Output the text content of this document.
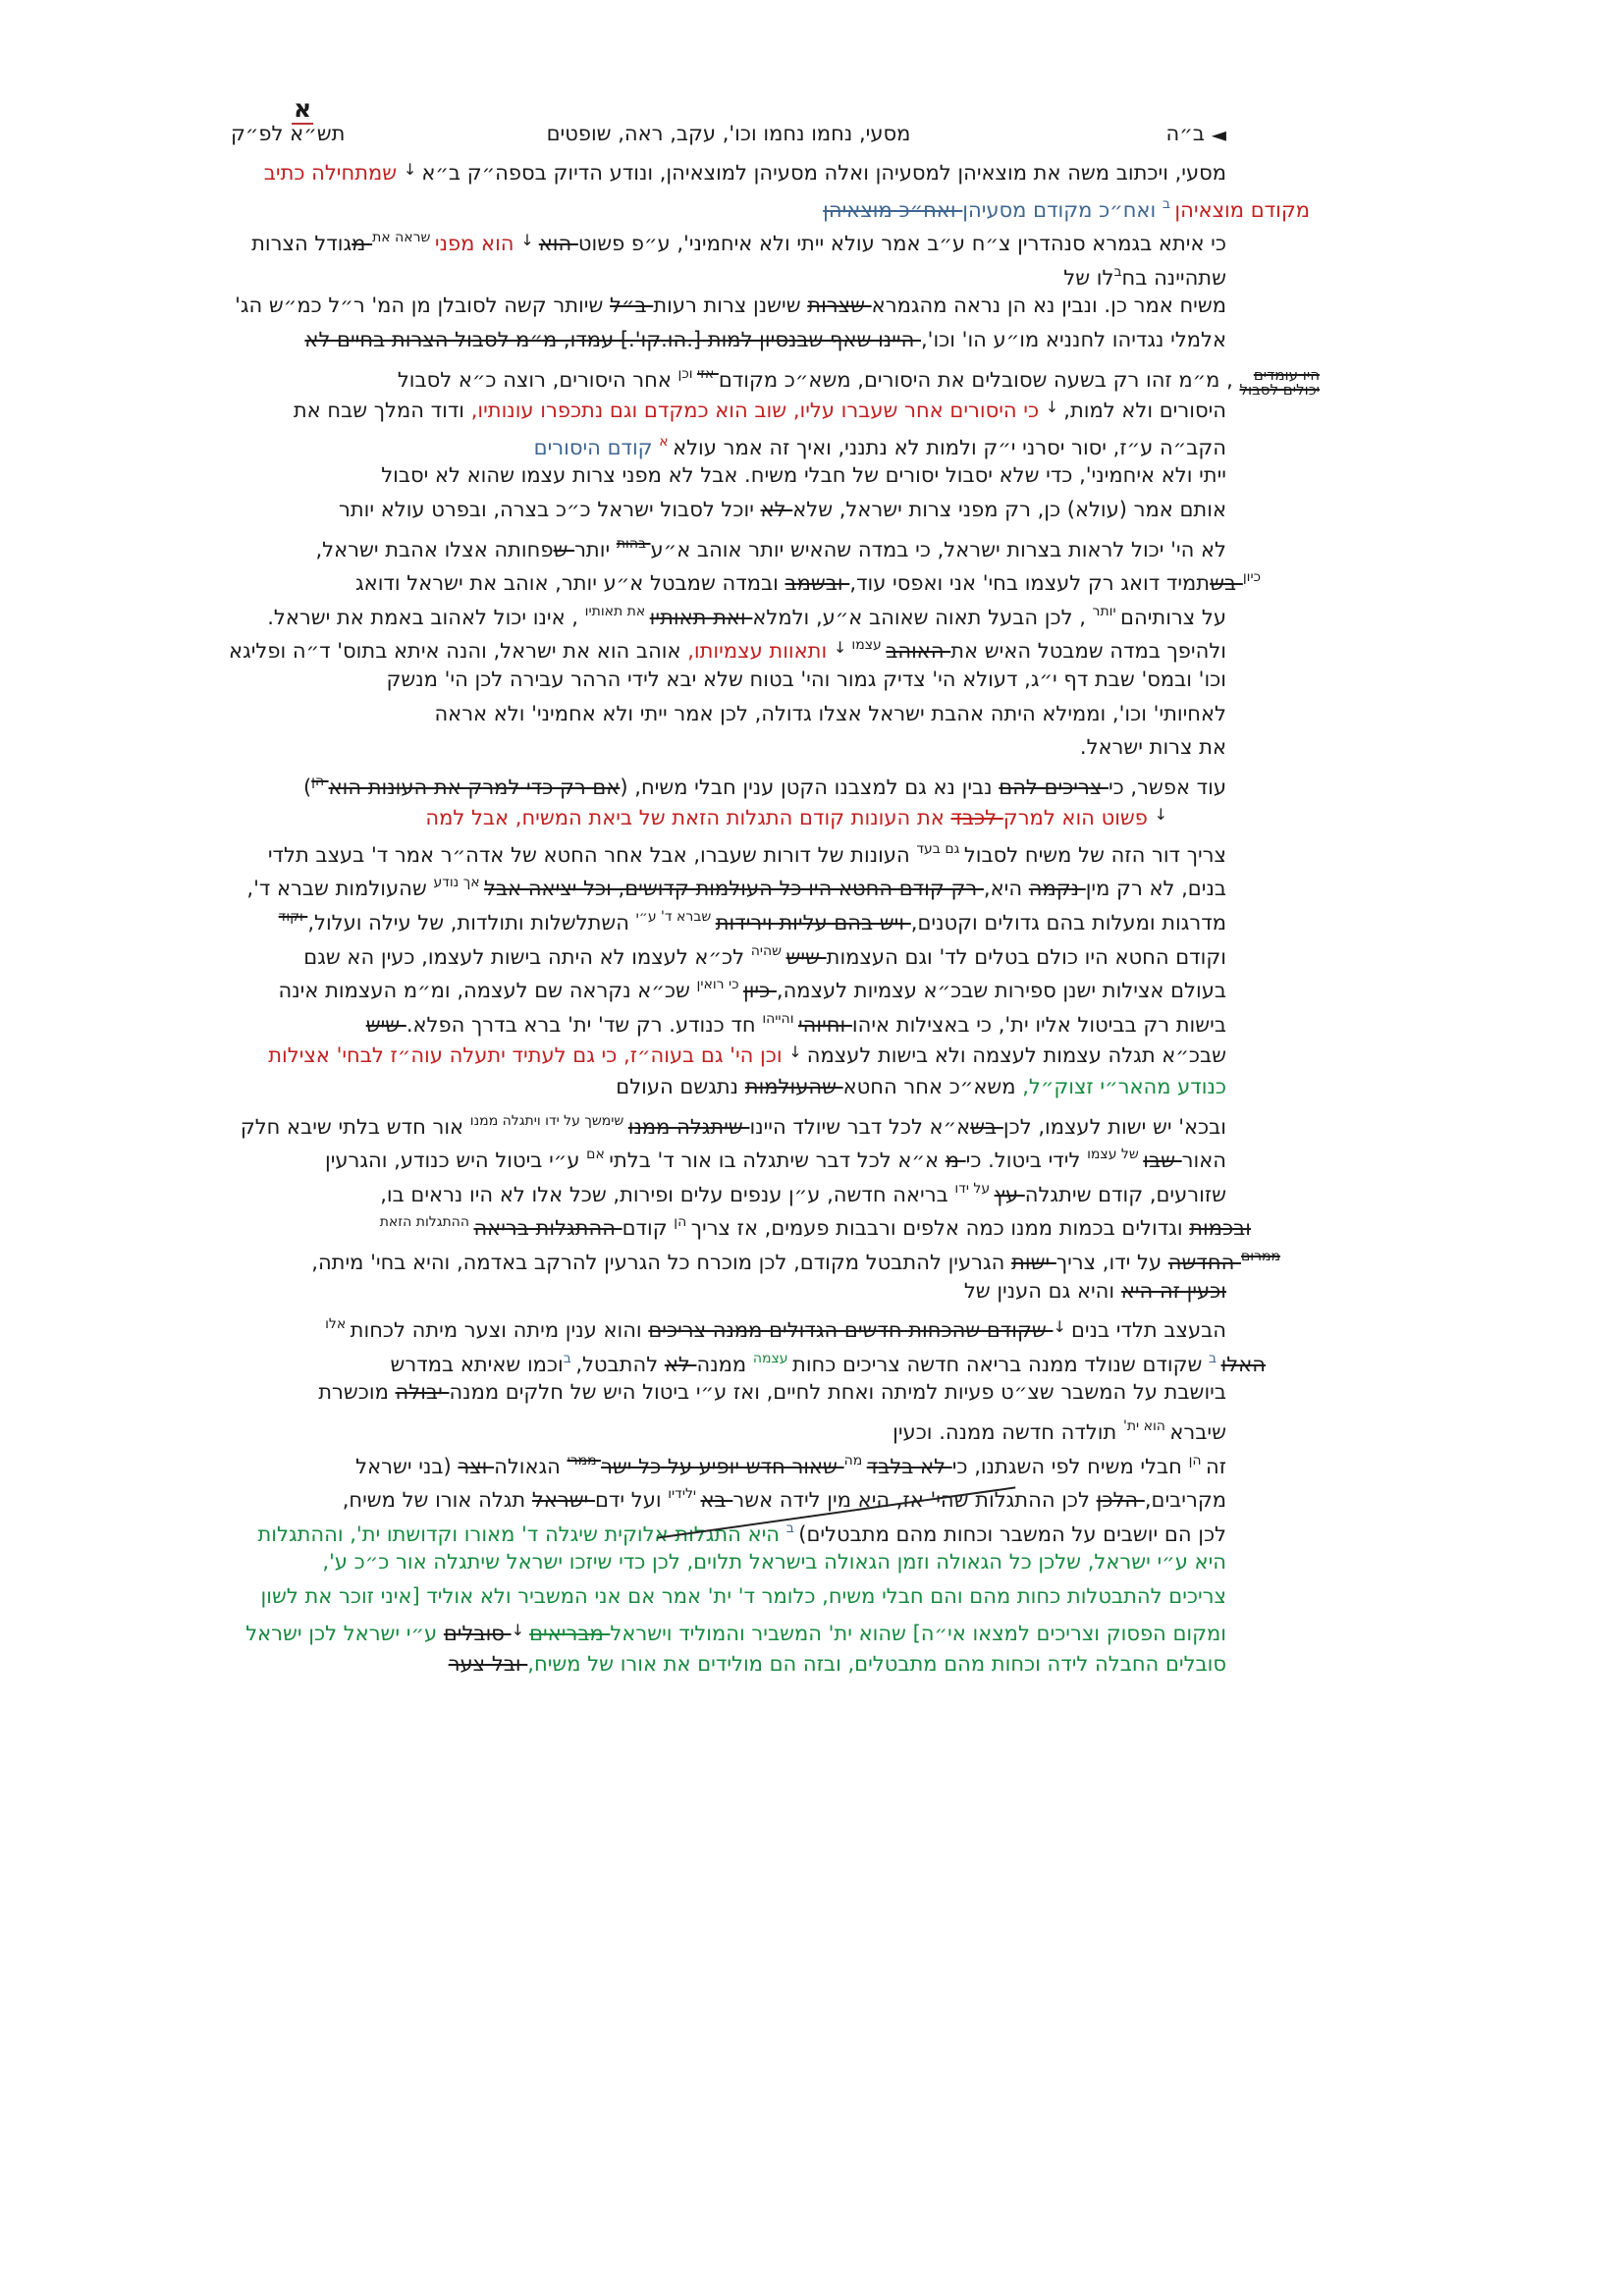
א
◄ ב״ה
מסעי, נחמו נחמו וכו', עקב, ראה, שופטים
תש״א לפ״ק
מסעי, ויכתוב משה את מוצאיהן למסעיהן ואלה מסעיהן למוצאיהן, ונודע הדיוק בספה״ק ב״א ↓ שמתחילה כתיב
מקודם מוצאיהן $^ב$ ואח״כ מקודם מסעיהן ואח״כ מוצאיהן
כי איתא בגמרא סנהדרין צ״ח ע״ב אמר עולא ייתי ולא איחמיני', ע״פ פשוט הוא ↓ הוא מפני $^{שראה את}$ מגודל הצרות
שתהיינה בח$^ב$לו של
משיח אמר כן. ונבין נא הן נראה מהגמרא שצרות שישנן צרות רעות ב״ל שיותר קשה לסובלן מן המ' ר״ל כמ״ש הג'
אלמלי נגדיהו לחנניא מו״ע הו' וכו', היינו שאף שבנסיון למות [.הו.קו'.] עמדו, מ״מ לסבול הצרות בחיים לא
היו עומדים
יכולים לסבול
, מ״מ זהו רק בשעה שסובלים את היסורים, משא״כ מקודם $^{אזי}$ $^{וכן}$ אחר היסורים, רוצה כ״א לסבול
היסורים ולא למות, ↓ כי היסורים אחר שעברו עליו, שוב הוא כמקדם וגם נתכפרו עונותיו, ודוד המלך שבח את
הקב״ה ע״ז, יסור יסרני י״ק ולמות לא נתנני, ואיך זה אמר עולא $^א$ קודם היסורים
ייתי ולא איחמיני', כדי שלא יסבול יסורים של חבלי משיח. אבל לא מפני צרות עצמו שהוא לא יסבול
אותם אמר (עולא) כן, רק מפני צרות ישראל, שלא לא יוכל לסבול ישראל כ״כ בצרה, ובפרט עולא יותר
לא הי' יכול לראות בצרות ישראל, כי במדה שהאיש יותר אוהב א״ע $^{בהות}$ יותר שפחותה אצלו אהבת ישראל,
$^{כיון}$ בשתמיד דואג רק לעצמו בחי' אני ואפסי עוד, ובשמב ובמדה שמבטל א״ע יותר, אוהב את ישראל ודואג
על צרותיהם $^{יותר}$ , לכן הבעל תאוה שאוהב א״ע, ולמלא ואת תאותיו $^{את תאותיו}$ , אינו יכול לאהוב באמת את ישראל.
ולהיפך במדה שמבטל האיש את האוהב $^{עצמו}$ ↓ ותאוות עצמיותו, אוהב הוא את ישראל, והנה איתא בתוס' ד״ה ופליגא
וכו' ובמס' שבת דף י״ג, דעולא הי' צדיק גמור והי' בטוח שלא יבא לידי הרהר עבירה לכן הי' מנשק
לאחיותי' וכו', וממילא היתה אהבת ישראל אצלו גדולה, לכן אמר ייתי ולא אחמיני' ולא אראה
את צרות ישראל.
עוד אפשר, כי צריכים להם נבין נא גם למצבנו הקטן ענין חבלי משיח, (אם רק כדי למרק את העונות הוא $^{הן}$)
↓ פשוט הוא למרק לכבד את העונות קודם התגלות הזאת של ביאת המשיח, אבל למה
צריך דור הזה של משיח לסבול $^{גם בעד}$ העונות של דורות שעברו, אבל אחר החטא של אדה״ר אמר ד' בעצב תלדי
בנים, לא רק מין נקמה היא, רק קודם החטא היו כל העולמות קדושים, וכל יציאה אבל $^{אך נודע}$ שהעולמות שברא ד',
מדרגות ומעלות בהם גדולים וקטנים, ויש בהם עליות וירידות $^{שברא ד' ע״י}$ השתלשלות ותולדות, של עילה ועלול, $^{וקוד}$
וקודם החטא היו כולם בטלים לד' וגם העצמות שיש $^{שהיה}$ לכ״א לעצמו לא היתה בישות לעצמו, כעין הא שגם
בעולם אצילות ישנן ספירות שבכ״א עצמיות לעצמה, כיון $^{כי רואין}$ שכ״א נקראה שם לעצמה, ומ״מ העצמות אינה
בישות רק בביטול אליו ית', כי באצילות איהו וחיוהי $^{והייהו}$ חד כנודע. רק שד' ית' ברא בדרך הפלא. שיש
שבכ״א תגלה עצמות לעצמה ולא בישות לעצמה ↓ וכן הי' גם בעוה״ז, כי גם לעתיד יתעלה עוה״ז לבחי' אצילות
כנודע מהאר״י זצוק״ל, משא״כ אחר החטא שהעולמות נתגשם העולם
ובכא' יש ישות לעצמו, לכן בשא״א לכל דבר שיולד היינו שיתגלה ממנו $^{שימשך על ידו ויתגלה ממנו}$ אור חדש בלתי שיבא חלק
האור שבו $^{של עצמו}$ לידי ביטול. כי מ א״א לכל דבר שיתגלה בו אור ד' בלתי $^{אם}$ ע״י ביטול היש כנודע, והגרעין
שזורעים, קודם שיתגלה עץ $^{על ידו}$ בריאה חדשה, ע״ן ענפים עלים ופירות, שכל אלו לא היו נראים בו,
ובכמות וגדולים בכמות ממנו כמה אלפים ורבבות פעמים, אז צריך $^{הן}$ קודם ההתגלות בריאה $^{ההתגלות הזאת}$
$^{ממרום}$ החדשה על ידו, צריך ישות הגרעין להתבטל מקודם, לכן מוכרח כל הגרעין להרקב באדמה, והיא בחי' מיתה,
וכעין זה היא והיא גם הענין של
הבעצב תלדי בנים ↓ שקודם שהכחות חדשים הגדולים ממנה צריכים והוא ענין מיתה וצער מיתה לכחות $^{אלו}$
האלו $^ב$ שקודם שנולד ממנה בריאה חדשה צריכים כחות $^{עצמה}$ ממנה לא להתבטל, $^ב$וכמו שאיתא במדרש
ביושבת על המשבר שצ״ט פעיות למיתה ואחת לחיים, ואז ע״י ביטול היש של חלקים ממנה יבולה מוכשרת
שיברא $^{הוא ית'}$ תולדה חדשה ממנה. וכעין
זה $^{הן}$ חבלי משיח לפי השגתנו, כי לא בלבד $^{מה}$ שאור חדש יופיע על כל ישר $^{ממרי}$ הגאולה וצר (בני ישראל
מקריבים, הלכן לכן ההתגלות שהי' אז, היא מין לידה אשר בא $^{ילידיו}$ ועל ידם ישראל תגלה אורו של משיח,
לכן הם יושבים על המשבר וכחות מהם מתבטלים) $^ב$ היא התגלות אלוקית שיגלה ד' מאורו וקדושתו ית', וההתגלות
היא ע״י ישראל, שלכן כל הגאולה וזמן הגאולה בישראל תלוים, לכן כדי שיזכו ישראל שיתגלה אור כ״כ ע',
צריכים להתבטלות כחות מהם והם חבלי משיח, כלומר ד' ית' אמר אם אני המשביר ולא אוליד [איני זוכר את לשון
ומקום הפסוק וצריכים למצאו אי״ה] שהוא ית' המשביר והמוליד וישראל מבריאים ↓ סובלים ע״י ישראל לכן ישראל
סובלים החבלה לידה וכחות מהם מתבטלים, ובזה הם מולידים את אורו של משיח, ובל צער
